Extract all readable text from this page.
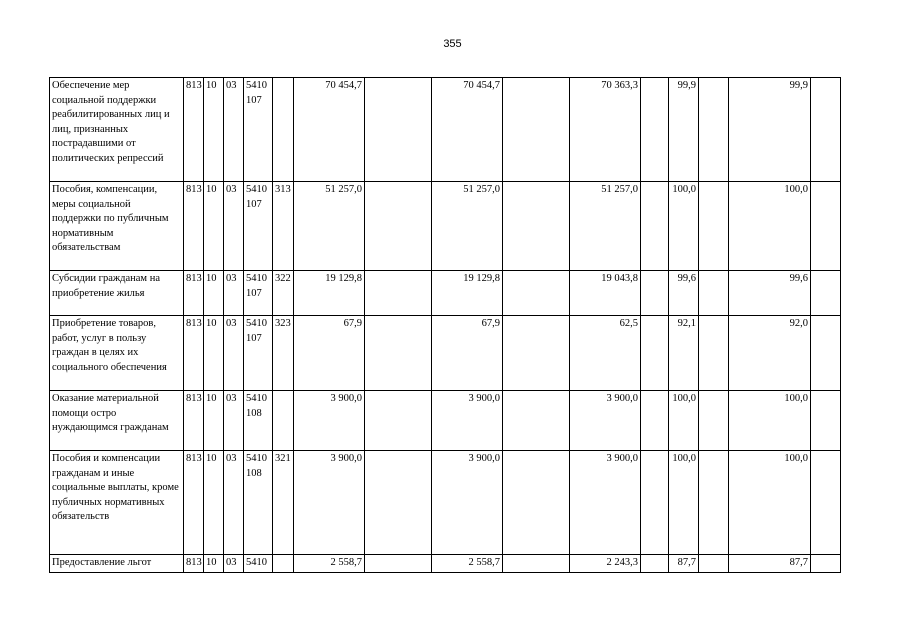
355
Обеспечение мер социальной поддержки реабилитированных лиц и лиц, признанных пострадавшими от политических репрессий	813	10	03	5410 107		70 454,7		70 454,7		70 363,3		99,9		99,9	
Пособия, компенсации, меры социальной поддержки по публичным нормативным обязательствам	813	10	03	5410 107	313	51 257,0		51 257,0		51 257,0		100,0		100,0	
Субсидии гражданам на приобретение жилья	813	10	03	5410 107	322	19 129,8		19 129,8		19 043,8		99,6		99,6	
Приобретение товаров, работ, услуг в пользу граждан в целях их социального обеспечения	813	10	03	5410 107	323	67,9		67,9		62,5		92,1		92,0	
Оказание материальной помощи остро нуждающимся гражданам	813	10	03	5410 108		3 900,0		3 900,0		3 900,0		100,0		100,0	
Пособия и компенсации гражданам и иные социальные выплаты, кроме публичных нормативных обязательств	813	10	03	5410 108	321	3 900,0		3 900,0		3 900,0		100,0		100,0	
Предоставление льгот	813	10	03	5410		2 558,7		2 558,7		2 243,3		87,7		87,7	
